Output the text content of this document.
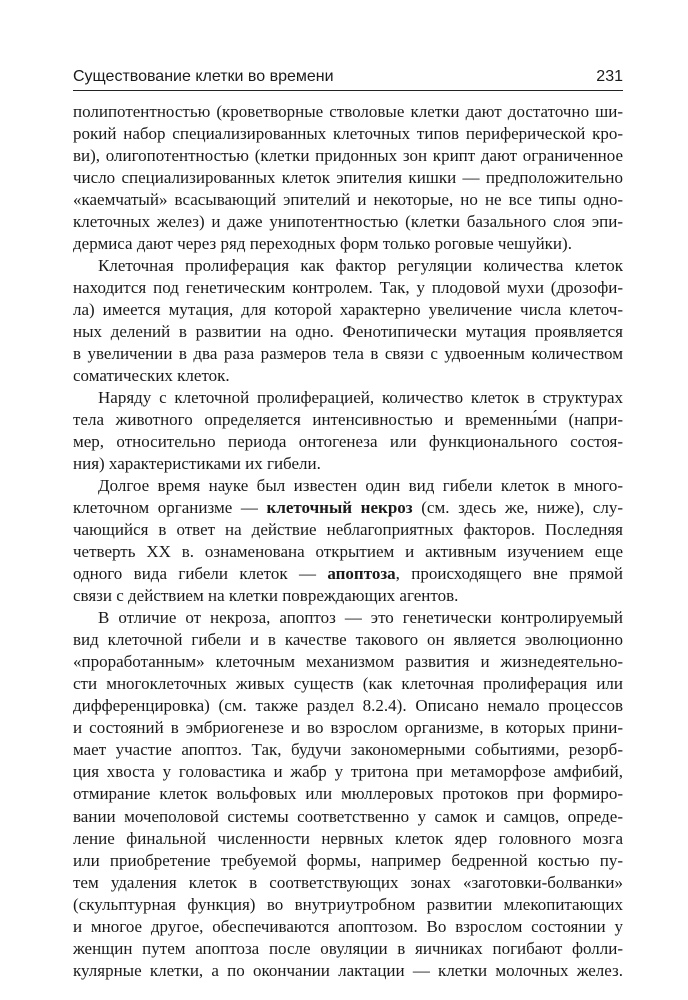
Существование клетки во времени	231
полипотентностью (кроветворные стволовые клетки дают достаточно ши-
рокий набор специализированных клеточных типов периферической кро-
ви), олигопотентностью (клетки придонных зон крипт дают ограниченное
число специализированных клеток эпителия кишки — предположительно
«каемчатый» всасывающий эпителий и некоторые, но не все типы одно-
клеточных желез) и даже унипотентностью (клетки базального слоя эпи-
дермиса дают через ряд переходных форм только роговые чешуйки).
Клеточная пролиферация как фактор регуляции количества клеток
находится под генетическим контролем. Так, у плодовой мухи (дрозофи-
ла) имеется мутация, для которой характерно увеличение числа клеточ-
ных делений в развитии на одно. Фенотипически мутация проявляется
в увеличении в два раза размеров тела в связи с удвоенным количеством
соматических клеток.
Наряду с клеточной пролиферацией, количество клеток в структурах
тела животного определяется интенсивностью и временны́ми (напри-
мер, относительно периода онтогенеза или функционального состоя-
ния) характеристиками их гибели.
Долгое время науке был известен один вид гибели клеток в много-
клеточном организме — клеточный некроз (см. здесь же, ниже), слу-
чающийся в ответ на действие неблагоприятных факторов. Последняя
четверть XX в. ознаменована открытием и активным изучением еще
одного вида гибели клеток — апоптоза, происходящего вне прямой
связи с действием на клетки повреждающих агентов.
В отличие от некроза, апоптоз — это генетически контролируемый
вид клеточной гибели и в качестве такового он является эволюционно
«проработанным» клеточным механизмом развития и жизнедеятельно-
сти многоклеточных живых существ (как клеточная пролиферация или
дифференцировка) (см. также раздел 8.2.4). Описано немало процессов
и состояний в эмбриогенезе и во взрослом организме, в которых прини-
мает участие апоптоз. Так, будучи закономерными событиями, резорб-
ция хвоста у головастика и жабр у тритона при метаморфозе амфибий,
отмирание клеток вольфовых или мюллеровых протоков при формиро-
вании мочеполовой системы соответственно у самок и самцов, опреде-
ление финальной численности нервных клеток ядер головного мозга
или приобретение требуемой формы, например бедренной костью пу-
тем удаления клеток в соответствующих зонах «заготовки-болванки»
(скульптурная функция) во внутриутробном развитии млекопитающих
и многое другое, обеспечиваются апоптозом. Во взрослом состоянии у
женщин путем апоптоза после овуляции в яичниках погибают фолли-
кулярные клетки, а по окончании лактации — клетки молочных желез.
